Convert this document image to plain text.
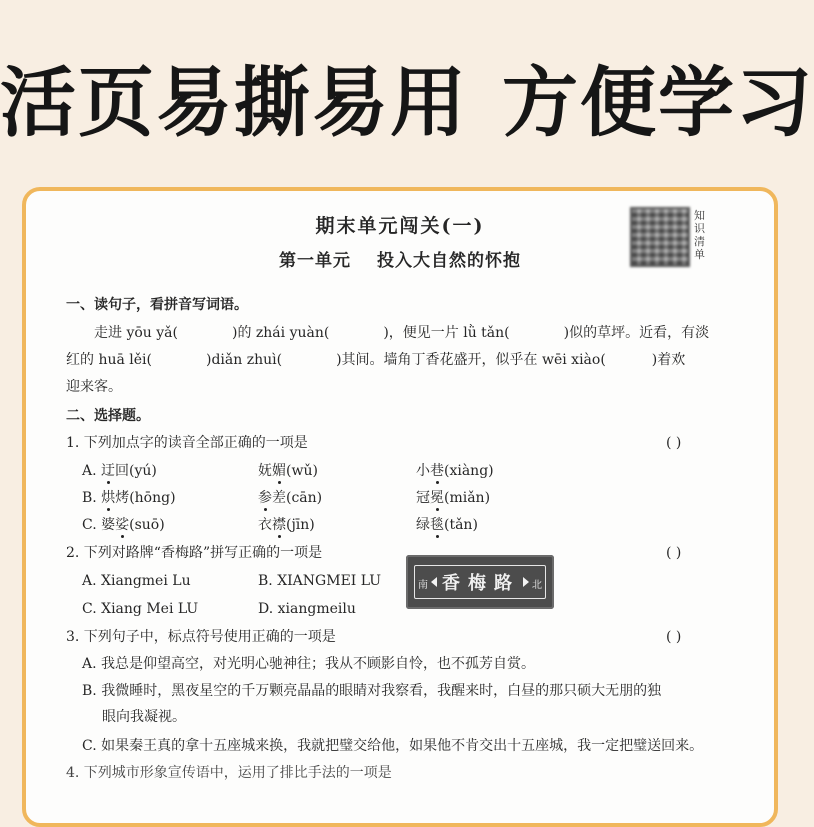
活页易撕易用 方便学习
期末单元闯关(一)
第一单元 投入大自然的怀抱
知识清单
一、读句子，看拼音写词语。
走进 yōu yǎ(	)的 zhái yuàn(	)，便见一片 lǜ tǎn(	)似的草坪。近看，有淡
红的 huā lěi(	)diǎn zhuì(	)其间。墙角丁香花盛开，似乎在 wēi xiào(	)着欢
迎来客。
二、选择题。
1. 下列加点字的读音全部正确的一项是	( )
A. 迂回(yú)	妩媚(wǔ)	小巷(xiàng)
B. 烘烤(hōng)	参差(cān)	冠冕(miǎn)
C. 婆娑(suō)	衣襟(jīn)	绿毯(tǎn)
2. 下列对路牌“香梅路”拼写正确的一项是	( )
A. Xiangmei Lu	B. XIANGMEI LU
C. Xiang Mei LU	D. xiangmeilu
南 香梅路	北
3. 下列句子中，标点符号使用正确的一项是	( )
A. 我总是仰望高空，对光明心驰神往；我从不顾影自怜，也不孤芳自赏。
B. 我微睡时，黑夜星空的千万颗亮晶晶的眼睛对我察看，我醒来时，白昼的那只硕大无朋的独
眼向我凝视。
C. 如果秦王真的拿十五座城来换，我就把璧交给他，如果他不肯交出十五座城，我一定把璧送回来。
4. 下列城市形象宣传语中，运用了排比手法的一项是
